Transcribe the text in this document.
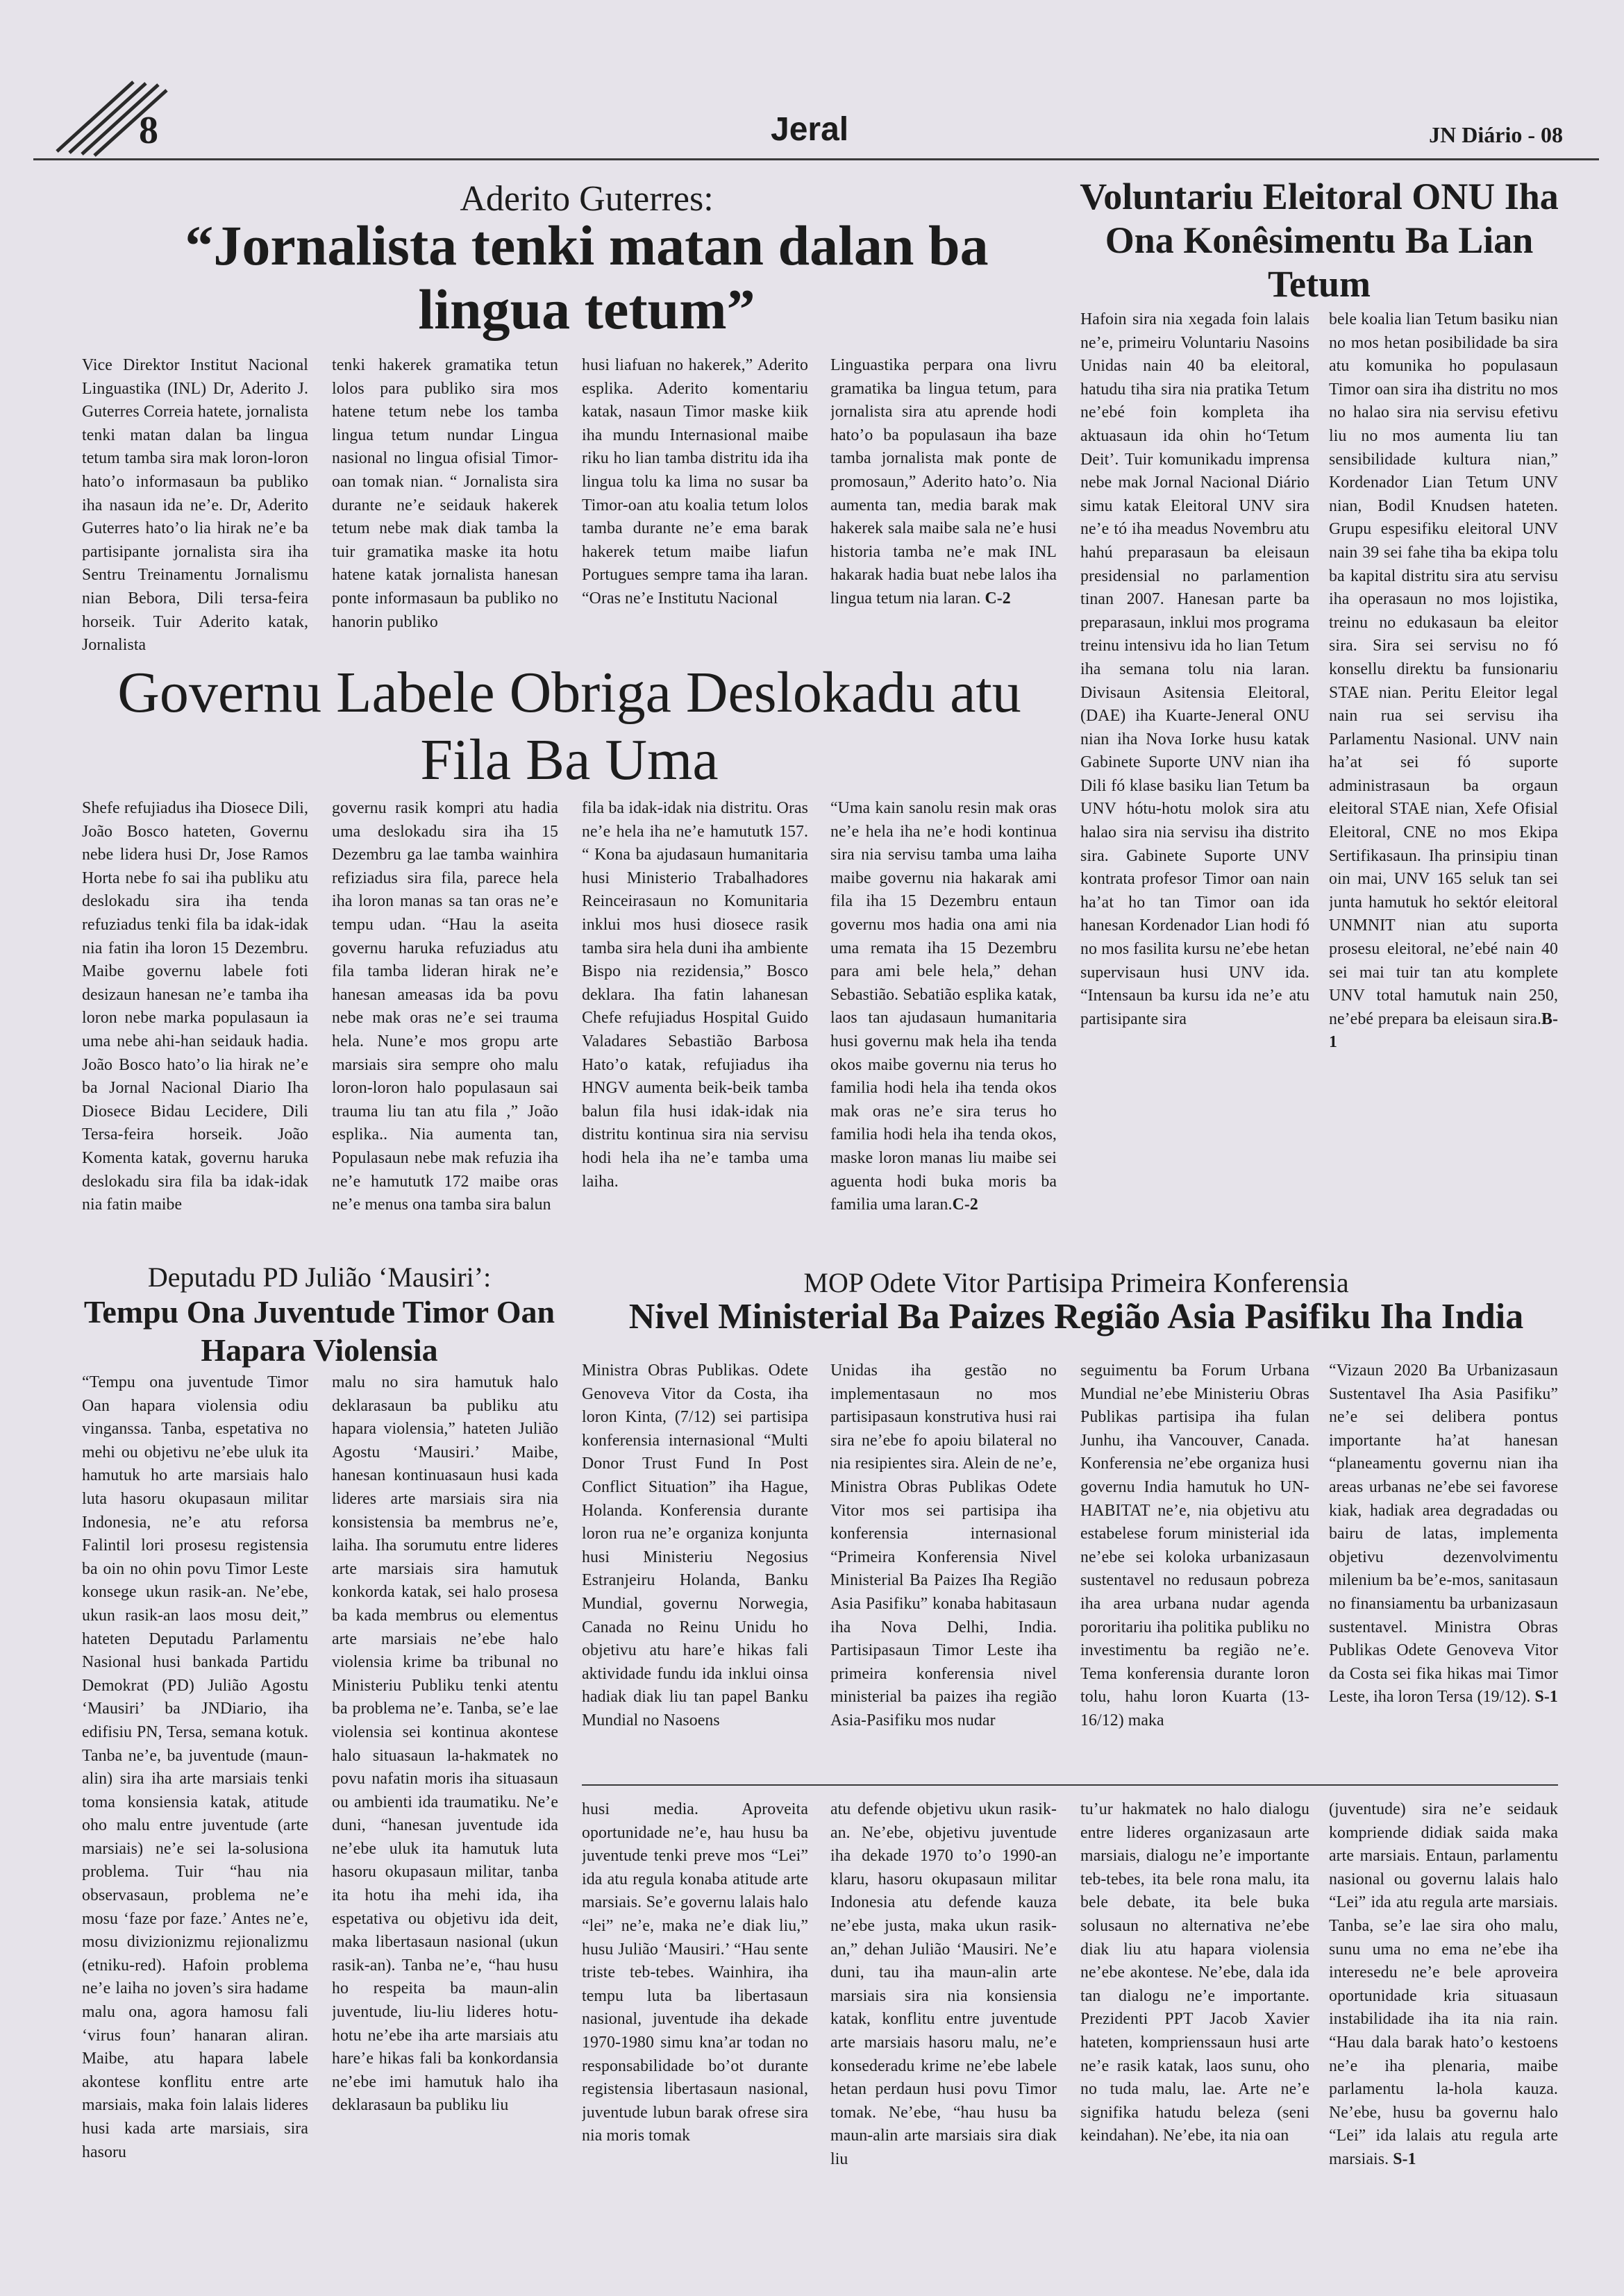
8	Jeral	JN Diário - 08
Aderito Guterres:
“Jornalista tenki matan dalan ba lingua tetum”

Vice Direktor Institut Nacional Linguastika (INL) Dr, Aderito J. Guterres Correia hatete, jornalista tenki matan dalan ba lingua tetum tamba sira mak loron-loron hato’o informasaun ba publiko iha nasaun ida ne’e. Dr, Aderito Guterres hato’o lia hirak ne’e ba partisipante jornalista sira iha Sentru Treinamentu Jornalismu nian Bebora, Dili tersa-feira horseik. Tuir Aderito katak, Jornalista

tenki hakerek gramatika tetun lolos para publiko sira mos hatene tetum nebe los tamba lingua tetum nundar Lingua nasional no lingua ofisial Timor-oan tomak nian. “ Jornalista sira durante ne’e seidauk hakerek tetum nebe mak diak tamba la tuir gramatika maske ita hotu hatene katak jornalista hanesan ponte informasaun ba publiko no hanorin publiko

husi liafuan no hakerek,” Aderito esplika. Aderito komentariu katak, nasaun Timor maske kiik iha mundu Internasional maibe riku ho lian tamba distritu ida iha lingua tolu ka lima no susar ba Timor-oan atu koalia tetum lolos tamba durante ne’e ema barak hakerek tetum maibe liafun Portugues sempre tama iha laran. “Oras ne’e Institutu Nacional

Linguastika perpara ona livru gramatika ba lingua tetum, para jornalista sira atu aprende hodi hato’o ba populasaun iha baze tamba jornalista mak ponte de promosaun,” Aderito hato’o. Nia aumenta tan, media barak mak hakerek sala maibe sala ne’e husi historia tamba ne’e mak INL hakarak hadia buat nebe lalos iha lingua tetum nia laran. C-2

Governu Labele Obriga Deslokadu atu Fila Ba Uma

Shefe refujiadus iha Diosece Dili, João Bosco hateten, Governu nebe lidera husi Dr, Jose Ramos Horta nebe fo sai iha publiku atu deslokadu sira iha tenda refuziadus tenki fila ba idak-idak nia fatin iha loron 15 Dezembru. Maibe governu labele foti desizaun hanesan ne’e tamba iha loron nebe marka populasaun ia uma nebe ahi-han seidauk hadia. João Bosco hato’o lia hirak ne’e ba Jornal Nacional Diario Iha Diosece Bidau Lecidere, Dili Tersa-feira horseik. João Komenta katak, governu haruka deslokadu sira fila ba idak-idak nia fatin maibe

governu rasik kompri atu hadia uma deslokadu sira iha 15 Dezembru ga lae tamba wainhira refiziadus sira fila, parece hela iha loron manas sa tan oras ne’e tempu udan. “Hau la aseita governu haruka refuziadus atu fila tamba lideran hirak ne’e hanesan ameasas ida ba povu nebe mak oras ne’e sei trauma hela. Nune’e mos gropu arte marsiais sira sempre oho malu loron-loron halo populasaun sai trauma liu tan atu fila ,” João esplika.. Nia aumenta tan, Populasaun nebe mak refuzia iha ne’e hamututk 172 maibe oras ne’e menus ona tamba sira balun

fila ba idak-idak nia distritu. Oras ne’e hela iha ne’e hamututk 157. “ Kona ba ajudasaun humanitaria husi Ministerio Trabalhadores Reinceirasaun no Komunitaria inklui mos husi diosece rasik tamba sira hela duni iha ambiente Bispo nia rezidensia,” Bosco deklara. Iha fatin lahanesan Chefe refujiadus Hospital Guido Valadares Sebastião Barbosa Hato’o katak, refujiadus iha HNGV aumenta beik-beik tamba balun fila husi idak-idak nia distritu kontinua sira nia servisu hodi hela iha ne’e tamba uma laiha.

“Uma kain sanolu resin mak oras ne’e hela iha ne’e hodi kontinua sira nia servisu tamba uma laiha maibe governu nia hakarak ami fila iha 15 Dezembru entaun governu mos hadia ona ami nia uma remata iha 15 Dezembru para ami bele hela,” dehan Sebastião. Sebatião esplika katak, laos tan ajudasaun humanitaria husi governu mak hela iha tenda okos maibe governu nia terus ho familia hodi hela iha tenda okos mak oras ne’e sira terus ho familia hodi hela iha tenda okos, maske loron manas liu maibe sei aguenta hodi buka moris ba familia uma laran.C-2

Voluntariu Eleitoral ONU Iha Ona Konêsimentu Ba Lian Tetum

Hafoin sira nia xegada foin lalais ne’e, primeiru Voluntariu Nasoins Unidas nain 40 ba eleitoral, hatudu tiha sira nia pratika Tetum ne’ebé foin kompleta iha aktuasaun ida ohin ho‘Tetum Deit’. Tuir komunikadu imprensa nebe mak Jornal Nacional Diário simu katak Eleitoral UNV sira ne’e tó iha meadus Novembru atu hahú preparasaun ba eleisaun presidensial no parlamention tinan 2007. Hanesan parte ba preparasaun, inklui mos programa treinu intensivu ida ho lian Tetum iha semana tolu nia laran. Divisaun Asitensia Eleitoral, (DAE) iha Kuarte-Jeneral ONU nian iha Nova Iorke husu katak Gabinete Suporte UNV nian iha Dili fó klase basiku lian Tetum ba UNV hótu-hotu molok sira atu halao sira nia servisu iha distrito sira. Gabinete Suporte UNV kontrata profesor Timor oan nain ha’at ho tan Timor oan ida hanesan Kordenador Lian hodi fó no mos fasilita kursu ne’ebe hetan supervisaun husi UNV ida. “Intensaun ba kursu ida ne’e atu partisipante sira

bele koalia lian Tetum basiku nian no mos hetan posibilidade ba sira atu komunika ho populasaun Timor oan sira iha distritu no mos no halao sira nia servisu efetivu liu no mos aumenta liu tan sensibilidade kultura nian,” Kordenador Lian Tetum UNV nian, Bodil Knudsen hateten. Grupu espesifiku eleitoral UNV nain 39 sei fahe tiha ba ekipa tolu ba kapital distritu sira atu servisu iha operasaun no mos lojistika, treinu no edukasaun ba eleitor sira. Sira sei servisu no fó konsellu direktu ba funsionariu STAE nian. Peritu Eleitor legal nain rua sei servisu iha Parlamentu Nasional. UNV nain ha’at sei fó suporte administrasaun ba orgaun eleitoral STAE nian, Xefe Ofisial Eleitoral, CNE no mos Ekipa Sertifikasaun. Iha prinsipiu tinan oin mai, UNV 165 seluk tan sei junta hamutuk ho sektór eleitoral UNMNIT nian atu suporta prosesu eleitoral, ne’ebé nain 40 sei mai tuir tan atu komplete UNV total hamutuk nain 250, ne’ebé prepara ba eleisaun sira.B-1

Deputadu PD Julião ‘Mausiri’:
Tempu Ona Juventude Timor Oan Hapara Violensia

“Tempu ona juventude Timor Oan hapara violensia odiu vinganssa. Tanba, espetativa no mehi ou objetivu ne’ebe uluk ita hamutuk ho arte marsiais halo luta hasoru okupasaun militar Indonesia, ne’e atu reforsa Falintil lori prosesu registensia ba oin no ohin povu Timor Leste konsege ukun rasik-an. Ne’ebe, ukun rasik-an laos mosu deit,” hateten Deputadu Parlamentu Nasional husi bankada Partidu Demokrat (PD) Julião Agostu ‘Mausiri’ ba JNDiario, iha edifisiu PN, Tersa, semana kotuk. Tanba ne’e, ba juventude (maun-alin) sira iha arte marsiais tenki toma konsiensia katak, atitude oho malu entre juventude (arte marsiais) ne’e sei la-solusiona problema. Tuir “hau nia observasaun, problema ne’e mosu ‘faze por faze.’ Antes ne’e, mosu divizionizmu rejionalizmu (etniku-red). Hafoin problema ne’e laiha no joven’s sira hadame malu ona, agora hamosu fali ‘virus foun’ hanaran aliran. Maibe, atu hapara labele akontese konflitu entre arte marsiais, maka foin lalais lideres husi kada arte marsiais, sira hasoru

malu no sira hamutuk halo deklarasaun ba publiku atu hapara violensia,” hateten Julião Agostu ‘Mausiri.’ Maibe, hanesan kontinuasaun husi kada lideres arte marsiais sira nia konsistensia ba membrus ne’e, laiha. Iha sorumutu entre lideres arte marsiais sira hamutuk konkorda katak, sei halo prosesa ba kada membrus ou elementus arte marsiais ne’ebe halo violensia krime ba tribunal no Ministeriu Publiku tenki atentu ba problema ne’e. Tanba, se’e lae violensia sei kontinua akontese halo situasaun la-hakmatek no povu nafatin moris iha situasaun ou ambienti ida traumatiku. Ne’e duni, “hanesan juventude ida ne’ebe uluk ita hamutuk luta hasoru okupasaun militar, tanba ita hotu iha mehi ida, iha espetativa ou objetivu ida deit, maka libertasaun nasional (ukun rasik-an). Tanba ne’e, “hau husu ho respeita ba maun-alin juventude, liu-liu lideres hotu-hotu ne’ebe iha arte marsiais atu hare’e hikas fali ba konkordansia ne’ebe imi hamutuk halo iha deklarasaun ba publiku liu

MOP Odete Vitor Partisipa Primeira Konferensia
Nivel Ministerial Ba Paizes Região Asia Pasifiku Iha India

Ministra Obras Publikas. Odete Genoveva Vitor da Costa, iha loron Kinta, (7/12) sei partisipa konferensia internasional “Multi Donor Trust Fund In Post Conflict Situation” iha Hague, Holanda. Konferensia durante loron rua ne’e organiza konjunta husi Ministeriu Negosius Estranjeiru Holanda, Banku Mundial, governu Norwegia, Canada no Reinu Unidu ho objetivu atu hare’e hikas fali aktividade fundu ida inklui oinsa hadiak diak liu tan papel Banku Mundial no Nasoens

Unidas iha gestão no implementasaun no mos partisipasaun konstrutiva husi rai sira ne’ebe fo apoiu bilateral no nia resipientes sira. Alein de ne’e, Ministra Obras Publikas Odete Vitor mos sei partisipa iha konferensia internasional “Primeira Konferensia Nivel Ministerial Ba Paizes Iha Região Asia Pasifiku” konaba habitasaun iha Nova Delhi, India. Partisipasaun Timor Leste iha primeira konferensia nivel ministerial ba paizes iha região Asia-Pasifiku mos nudar

seguimentu ba Forum Urbana Mundial ne’ebe Ministeriu Obras Publikas partisipa iha fulan Junhu, iha Vancouver, Canada. Konferensia ne’ebe organiza husi governu India hamutuk ho UN-HABITAT ne’e, nia objetivu atu estabelese forum ministerial ida ne’ebe sei koloka urbanizasaun sustentavel no redusaun pobreza iha area urbana nudar agenda pororitariu iha politika publiku no investimentu ba região ne’e. Tema konferensia durante loron tolu, hahu loron Kuarta (13-16/12) maka

“Vizaun 2020 Ba Urbanizasaun Sustentavel Iha Asia Pasifiku” ne’e sei delibera pontus importante ha’at hanesan “planeamentu governu nian iha areas urbanas ne’ebe sei favorese kiak, hadiak area degradadas ou bairu de latas, implementa objetivu dezenvolvimentu milenium ba be’e-mos, sanitasaun no finansiamentu ba urbanizasaun sustentavel. Ministra Obras Publikas Odete Genoveva Vitor da Costa sei fika hikas mai Timor Leste, iha loron Tersa (19/12). S-1

husi media. Aproveita oportunidade ne’e, hau husu ba juventude tenki preve mos “Lei” ida atu regula konaba atitude arte marsiais. Se’e governu lalais halo “lei” ne’e, maka ne’e diak liu,” husu Julião ‘Mausiri.’ “Hau sente triste teb-tebes. Wainhira, iha tempu luta ba libertasaun nasional, juventude iha dekade 1970-1980 simu kna’ar todan no responsabilidade bo’ot durante registensia libertasaun nasional, juventude lubun barak ofrese sira nia moris tomak

atu defende objetivu ukun rasik-an. Ne’ebe, objetivu juventude iha dekade 1970 to’o 1990-an klaru, hasoru okupasaun militar Indonesia atu defende kauza ne’ebe justa, maka ukun rasik-an,” dehan Julião ‘Mausiri. Ne’e duni, tau iha maun-alin arte marsiais sira nia konsiensia katak, konflitu entre juventude arte marsiais hasoru malu, ne’e konsederadu krime ne’ebe labele hetan perdaun husi povu Timor tomak. Ne’ebe, “hau husu ba maun-alin arte marsiais sira diak liu

tu’ur hakmatek no halo dialogu entre lideres organizasaun arte marsiais, dialogu ne’e importante teb-tebes, ita bele rona malu, ita bele debate, ita bele buka solusaun no alternativa ne’ebe diak liu atu hapara violensia ne’ebe akontese. Ne’ebe, dala ida tan dialogu ne’e importante. Prezidenti PPT Jacob Xavier hateten, komprienssaun husi arte ne’e rasik katak, laos sunu, oho no tuda malu, lae. Arte ne’e signifika hatudu beleza (seni keindahan). Ne’ebe, ita nia oan

(juventude) sira ne’e seidauk kompriende didiak saida maka arte marsiais. Entaun, parlamentu nasional ou governu lalais halo “Lei” ida atu regula arte marsiais. Tanba, se’e lae sira oho malu, sunu uma no ema ne’ebe iha interesedu ne’e bele aproveira oportunidade kria situasaun instabilidade iha ita nia rain. “Hau dala barak hato’o kestoens ne’e iha plenaria, maibe parlamentu la-hola kauza. Ne’ebe, husu ba governu halo “Lei” ida lalais atu regula arte marsiais. S-1
